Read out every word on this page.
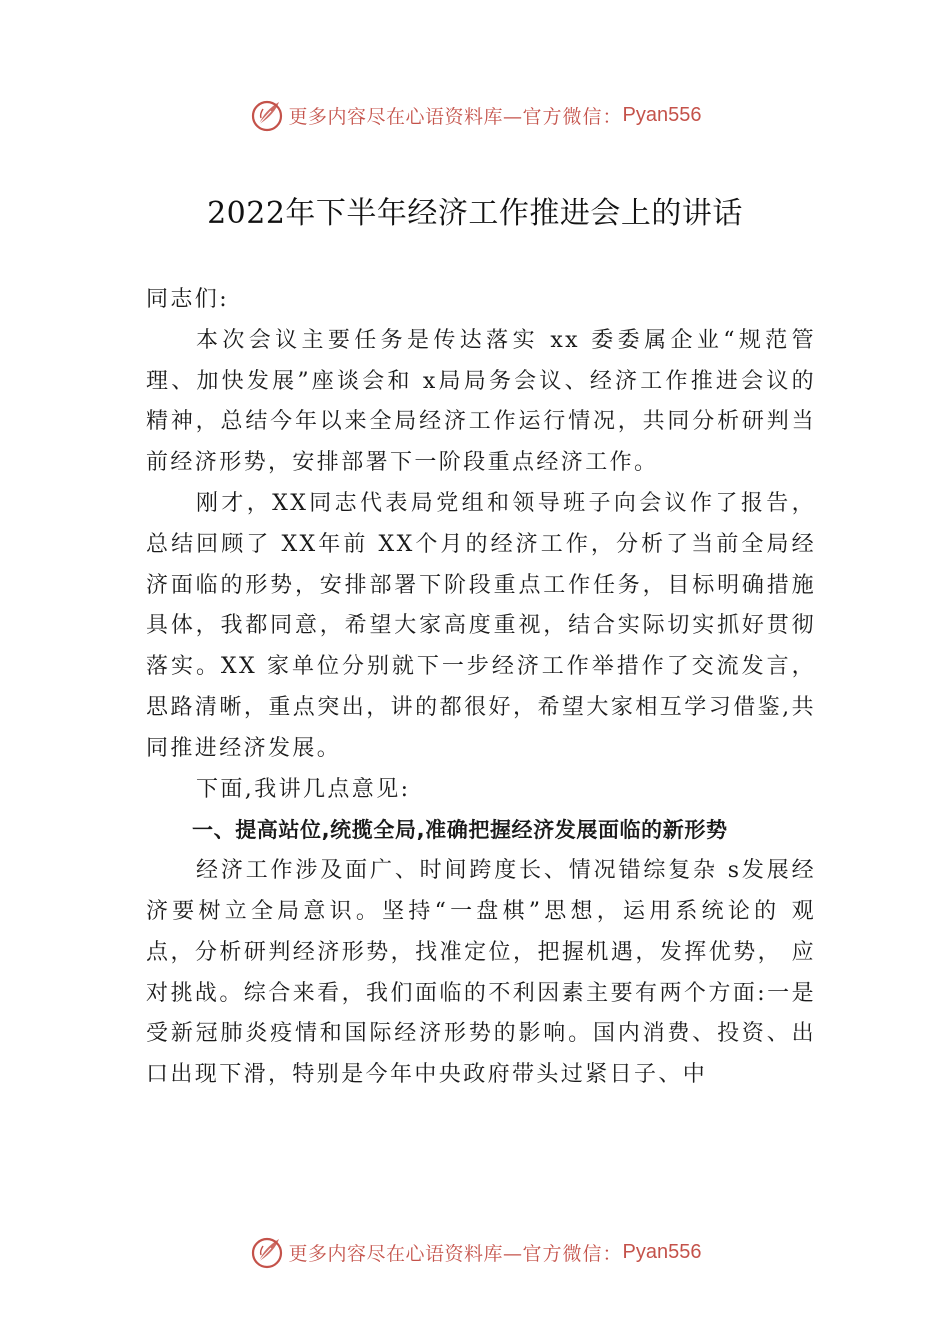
更多内容尽在心语资料库— 官方微信： Pyan556
2022年下半年经济工作推进会上的讲话

同志们:

本次会议主要任务是传达落实 xx 委委属企业“规范管理、加快发展”座谈会和 x局局务会议、经济工作推进会议的精神，总结今年以来全局经济工作运行情况，共同分析研判当前经济形势，安排部署下一阶段重点经济工作。

刚才，XX同志代表局党组和领导班子向会议作了报告，总结回顾了 XX年前 XX个月的经济工作，分析了当前全局经济面临的形势，安排部署下阶段重点工作任务，目标明确措施具体，我都同意，希望大家高度重视，结合实际切实抓好贯彻落实。XX 家单位分别就下一步经济工作举措作了交流发言，思路清晰，重点突出，讲的都很好，希望大家相互学习借鉴,共同推进经济发展。

下面,我讲几点意见:

一、提高站位,统揽全局,准确把握经济发展面临的新形势

经济工作涉及面广、时间跨度长、情况错综复杂 s发展经济要树立全局意识。坚持“一盘棋”思想，运用系统论的 观点，分析研判经济形势，找准定位，把握机遇，发挥优势， 应对挑战。综合来看，我们面临的不利因素主要有两个方面:一是受新冠肺炎疫情和国际经济形势的影响。国内消费、投资、出口出现下滑，特别是今年中央政府带头过紧日子、中

更多内容尽在心语资料库— 官方微信： Pyan556
